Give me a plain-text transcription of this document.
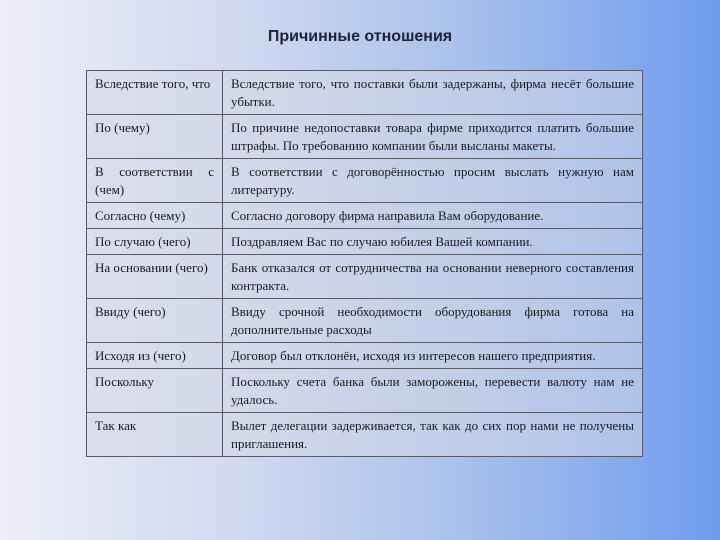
Причинные отношения
Вследствие того, что	Вследствие того, что поставки были задержаны, фирма несёт большие убытки.
По (чему)	По причине недопоставки товара фирме приходится платить большие штрафы. По требованию компании были высланы макеты.
В соответствии с (чем)	В соответствии с договорённостью просим выслать нужную нам литературу.
Согласно (чему)	Согласно договору фирма направила Вам оборудование.
По случаю (чего)	Поздравляем Вас по случаю юбилея Вашей компании.
На основании (чего)	Банк отказался от сотрудничества на основании неверного составления контракта.
Ввиду (чего)	Ввиду срочной необходимости оборудования фирма готова на дополнительные расходы
Исходя из (чего)	Договор был отклонён, исходя из интересов нашего предприятия.
Поскольку	Поскольку счета банка были заморожены, перевести валюту нам не удалось.
Так как	Вылет делегации задерживается, так как до сих пор нами не получены приглашения.
